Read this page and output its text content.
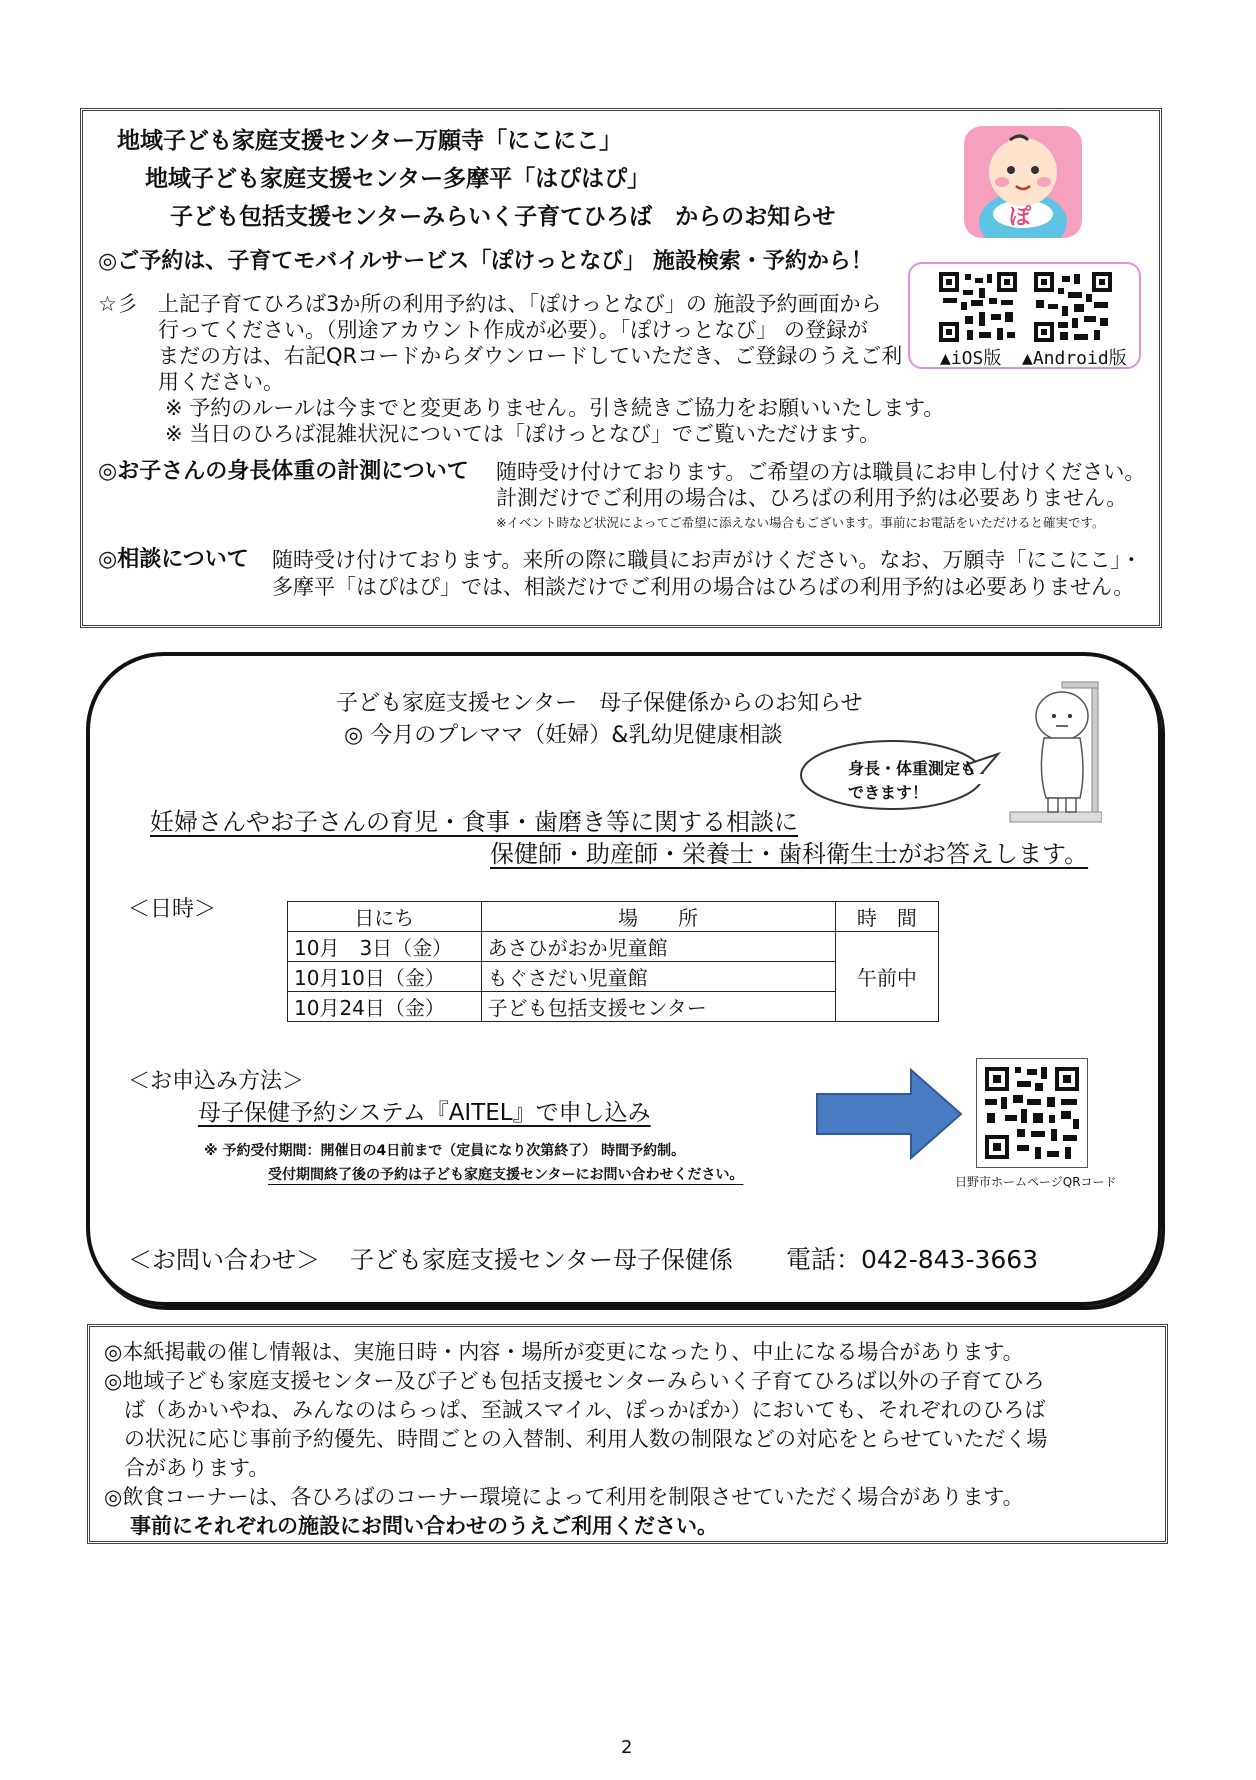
地域子ども家庭支援センター万願寺「にこにこ」
地域子ども家庭支援センター多摩平「はぴはぴ」
子ども包括支援センターみらいく子育てひろば　からのお知らせ
◎ご予約は、子育てモバイルサービス「ぽけっとなび」 施設検索・予約から！
☆彡 上記子育てひろば3か所の利用予約は、「ぽけっとなび」の 施設予約画面から
行ってください。（別途アカウント作成が必要）。「ぽけっとなび」 の登録が
まだの方は、右記QRコードからダウンロードしていただき、ご登録のうえご利
用ください。
※ 予約のルールは今までと変更ありません。引き続きご協力をお願いいたします。
※ 当日のひろば混雑状況については「ぽけっとなび」でご覧いただけます。
◎お子さんの身長体重の計測について 随時受け付けております。ご希望の方は職員にお申し付けください。
計測だけでご利用の場合は、ひろばの利用予約は必要ありません。
※イベント時など状況によってご希望に添えない場合もございます。事前にお電話をいただけると確実です。
◎相談について 随時受け付けております。来所の際に職員にお声がけください。なお、万願寺「にこにこ」・
多摩平「はぴはぴ」では、相談だけでご利用の場合はひろばの利用予約は必要ありません。
ぽ
▲iOS版 ▲Android版
子ども家庭支援センター　母子保健係からのお知らせ
◎ 今月のプレママ（妊婦）&乳幼児健康相談
身長・体重測定も
できます！
妊婦さんやお子さんの育児・食事・歯磨き等に関する相談に
保健師・助産師・栄養士・歯科衛生士がお答えします。
＜日時＞	日にち	場　　所	時　間
10月　3日（金）	あさひがおか児童館	午前中
10月10日（金）	もぐさだい児童館	
10月24日（金）	子ども包括支援センター	
＜お申込み方法＞
母子保健予約システム『AITEL』で申し込み
※ 予約受付期間：開催日の4日前まで（定員になり次第終了） 時間予約制。
受付期間終了後の予約は子ども家庭支援センターにお問い合わせください。	日野市ホームページQRコード
＜お問い合わせ＞ 子ども家庭支援センター母子保健係 電話：042-843-3663
◎本紙掲載の催し情報は、実施日時・内容・場所が変更になったり、中止になる場合があります。
◎地域子ども家庭支援センター及び子ども包括支援センターみらいく子育てひろば以外の子育てひろ
ば（あかいやね、みんなのはらっぱ、至誠スマイル、ぽっかぽか）においても、それぞれのひろば
の状況に応じ事前予約優先、時間ごとの入替制、利用人数の制限などの対応をとらせていただく場
合があります。
◎飲食コーナーは、各ひろばのコーナー環境によって利用を制限させていただく場合があります。
事前にそれぞれの施設にお問い合わせのうえご利用ください。
2
